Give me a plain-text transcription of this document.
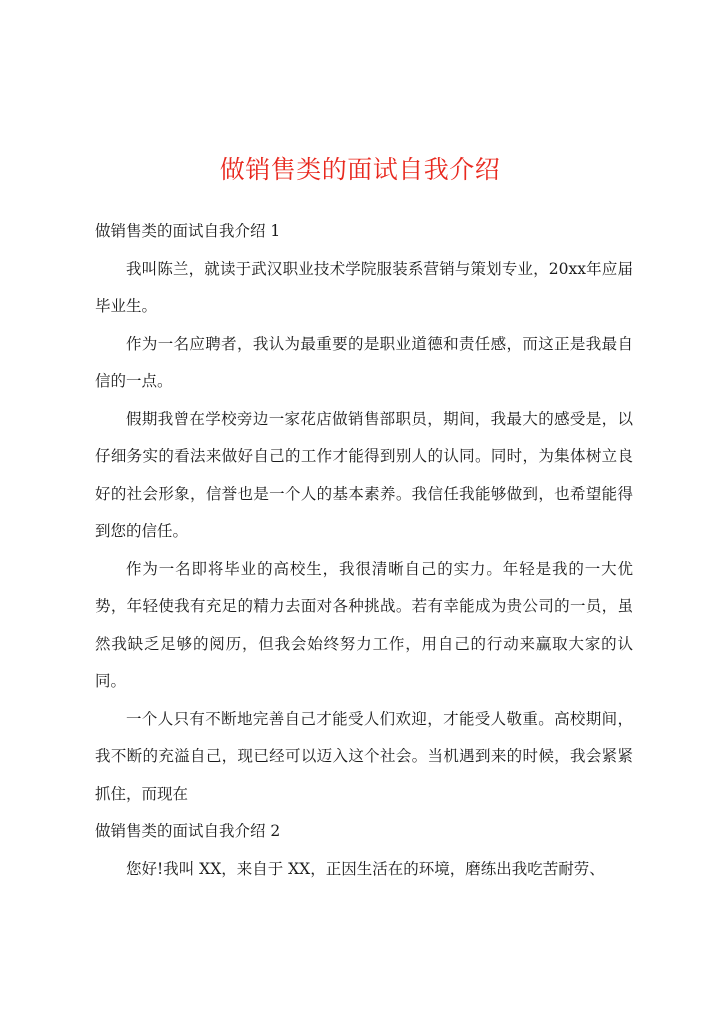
做销售类的面试自我介绍

做销售类的面试自我介绍 1

我叫陈兰，就读于武汉职业技术学院服装系营销与策划专业，20xx年应届毕业生。

作为一名应聘者，我认为最重要的是职业道德和责任感，而这正是我最自信的一点。

假期我曾在学校旁边一家花店做销售部职员，期间，我最大的感受是，以仔细务实的看法来做好自己的工作才能得到别人的认同。同时，为集体树立良好的社会形象，信誉也是一个人的基本素养。我信任我能够做到，也希望能得到您的信任。

作为一名即将毕业的高校生，我很清晰自己的实力。年轻是我的一大优势，年轻使我有充足的精力去面对各种挑战。若有幸能成为贵公司的一员，虽然我缺乏足够的阅历，但我会始终努力工作，用自己的行动来赢取大家的认同。

一个人只有不断地完善自己才能受人们欢迎，才能受人敬重。高校期间，我不断的充溢自己，现已经可以迈入这个社会。当机遇到来的时候，我会紧紧抓住，而现在

做销售类的面试自我介绍 2

您好!我叫 XX，来自于 XX，正因生活在的环境，磨练出我吃苦耐劳、
